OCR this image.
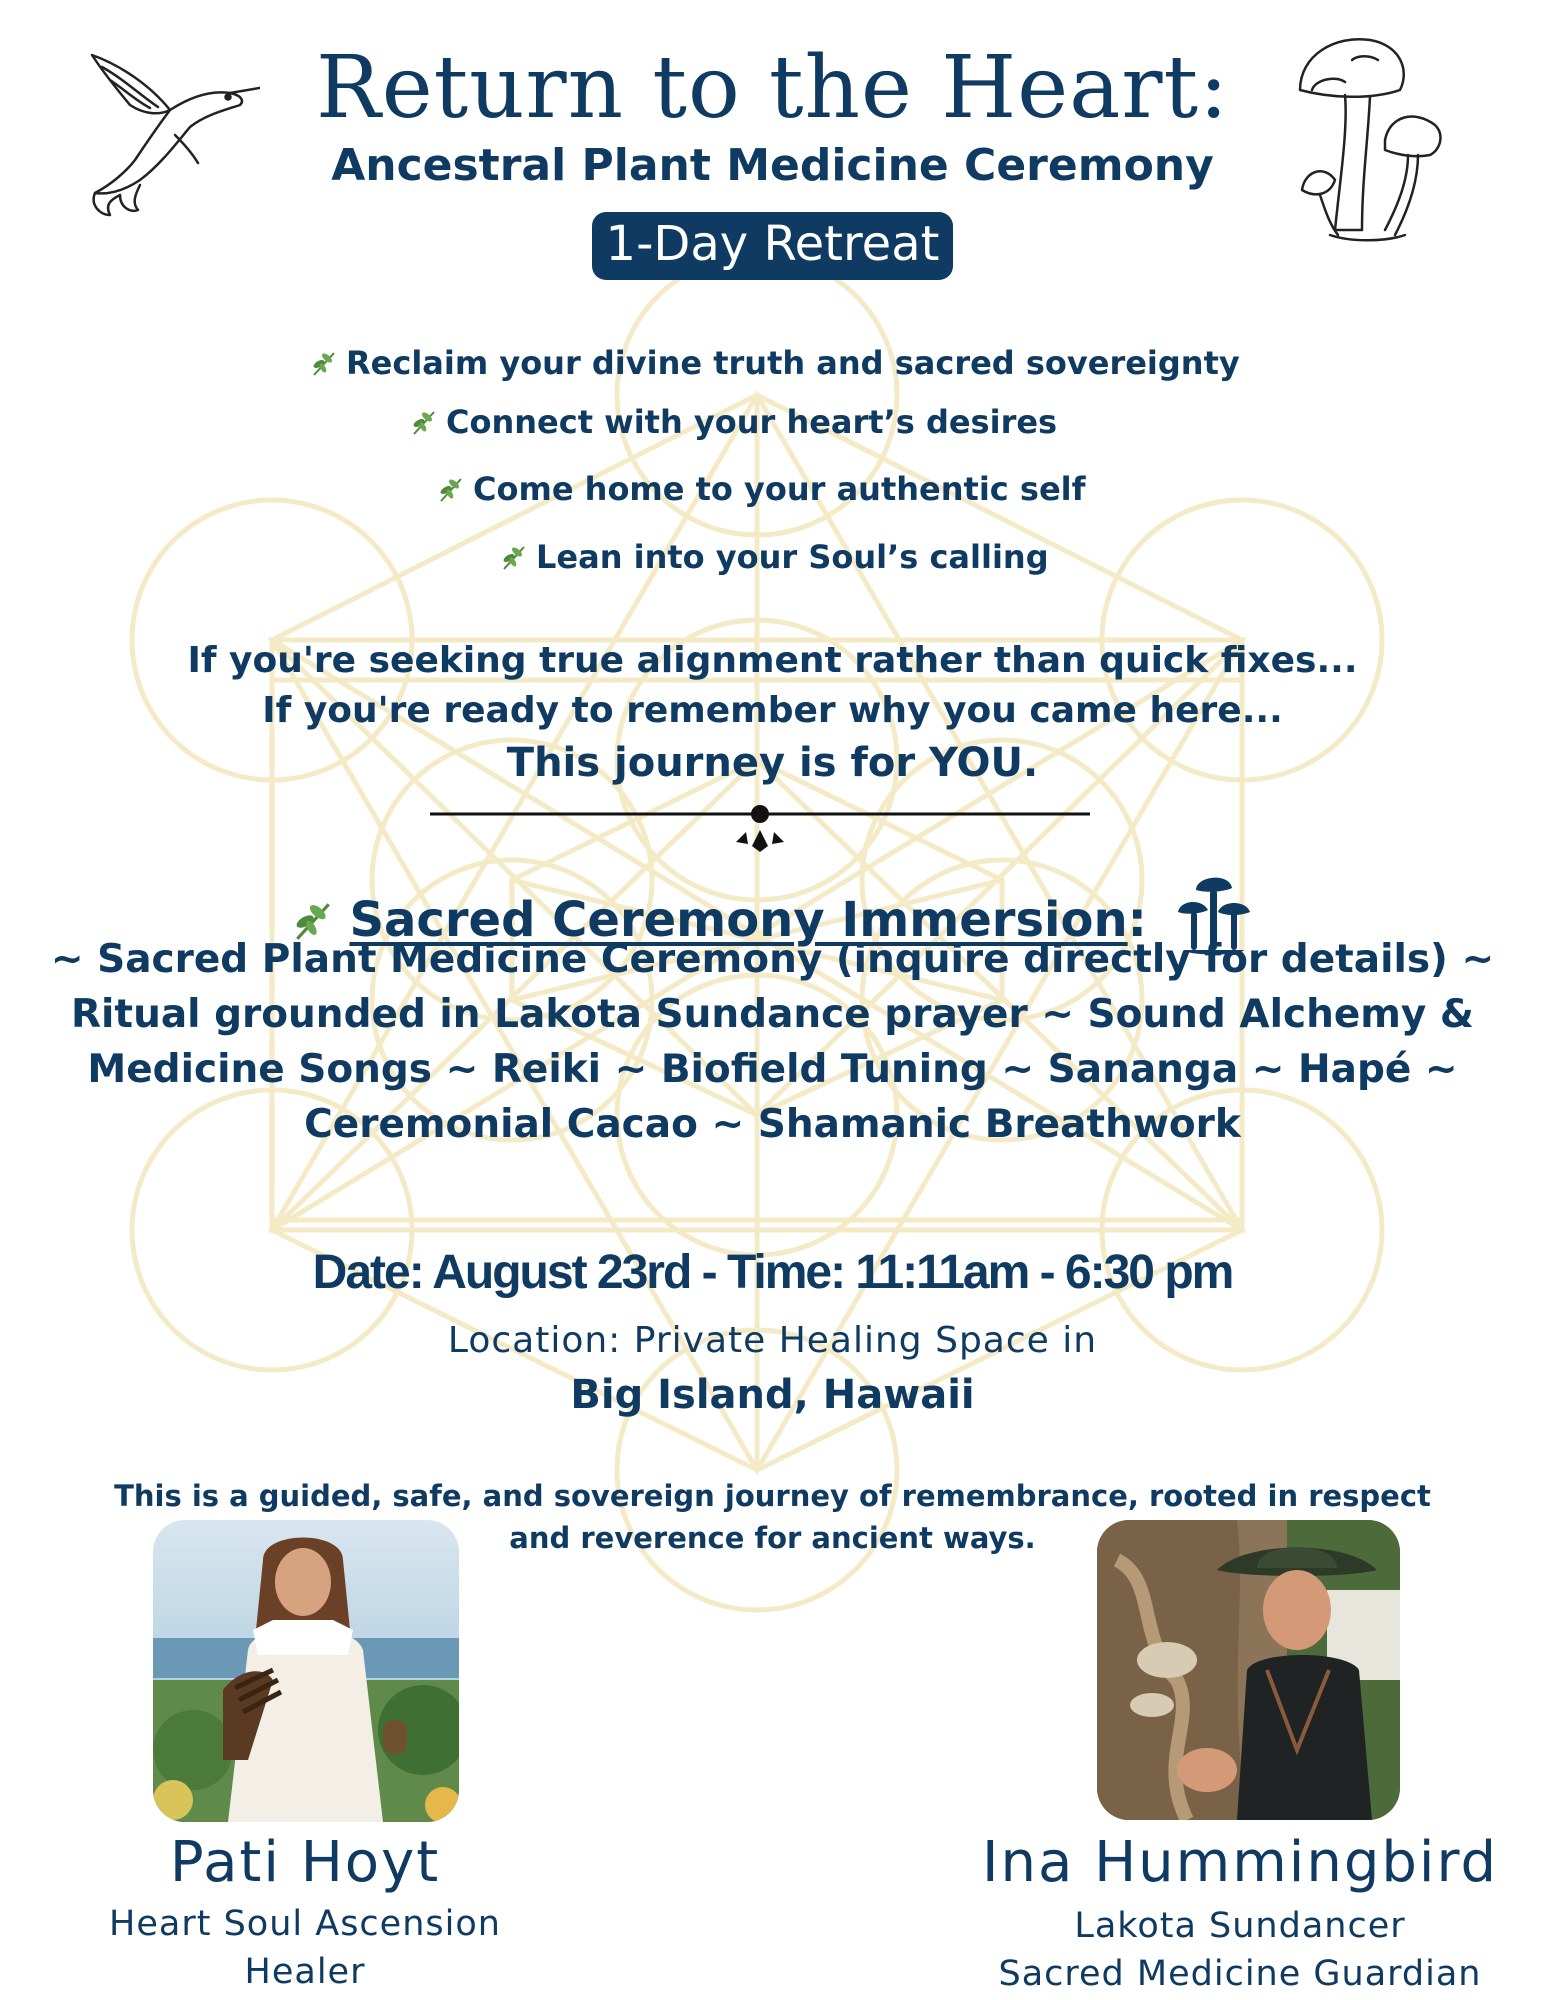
Return to the Heart:
Ancestral Plant Medicine Ceremony
1-Day Retreat
Reclaim your divine truth and sacred sovereignty
Connect with your heart’s desires
Come home to your authentic self
Lean into your Soul’s calling
If you're seeking true alignment rather than quick fixes...
If you're ready to remember why you came here...
This journey is for YOU.
Sacred Ceremony Immersion:
~ Sacred Plant Medicine Ceremony (inquire directly for details) ~
Ritual grounded in Lakota Sundance prayer ~ Sound Alchemy &
Medicine Songs ~ Reiki ~ Biofield Tuning ~ Sananga ~ Hapé ~
Ceremonial Cacao ~ Shamanic Breathwork
Date: August 23rd - Time: 11:11am - 6:30 pm
Location: Private Healing Space in
Big Island, Hawaii
This is a guided, safe, and sovereign journey of remembrance, rooted in respect
and reverence for ancient ways.
Pati Hoyt
Heart Soul Ascension
Healer
Ina Hummingbird
Lakota Sundancer
Sacred Medicine Guardian
